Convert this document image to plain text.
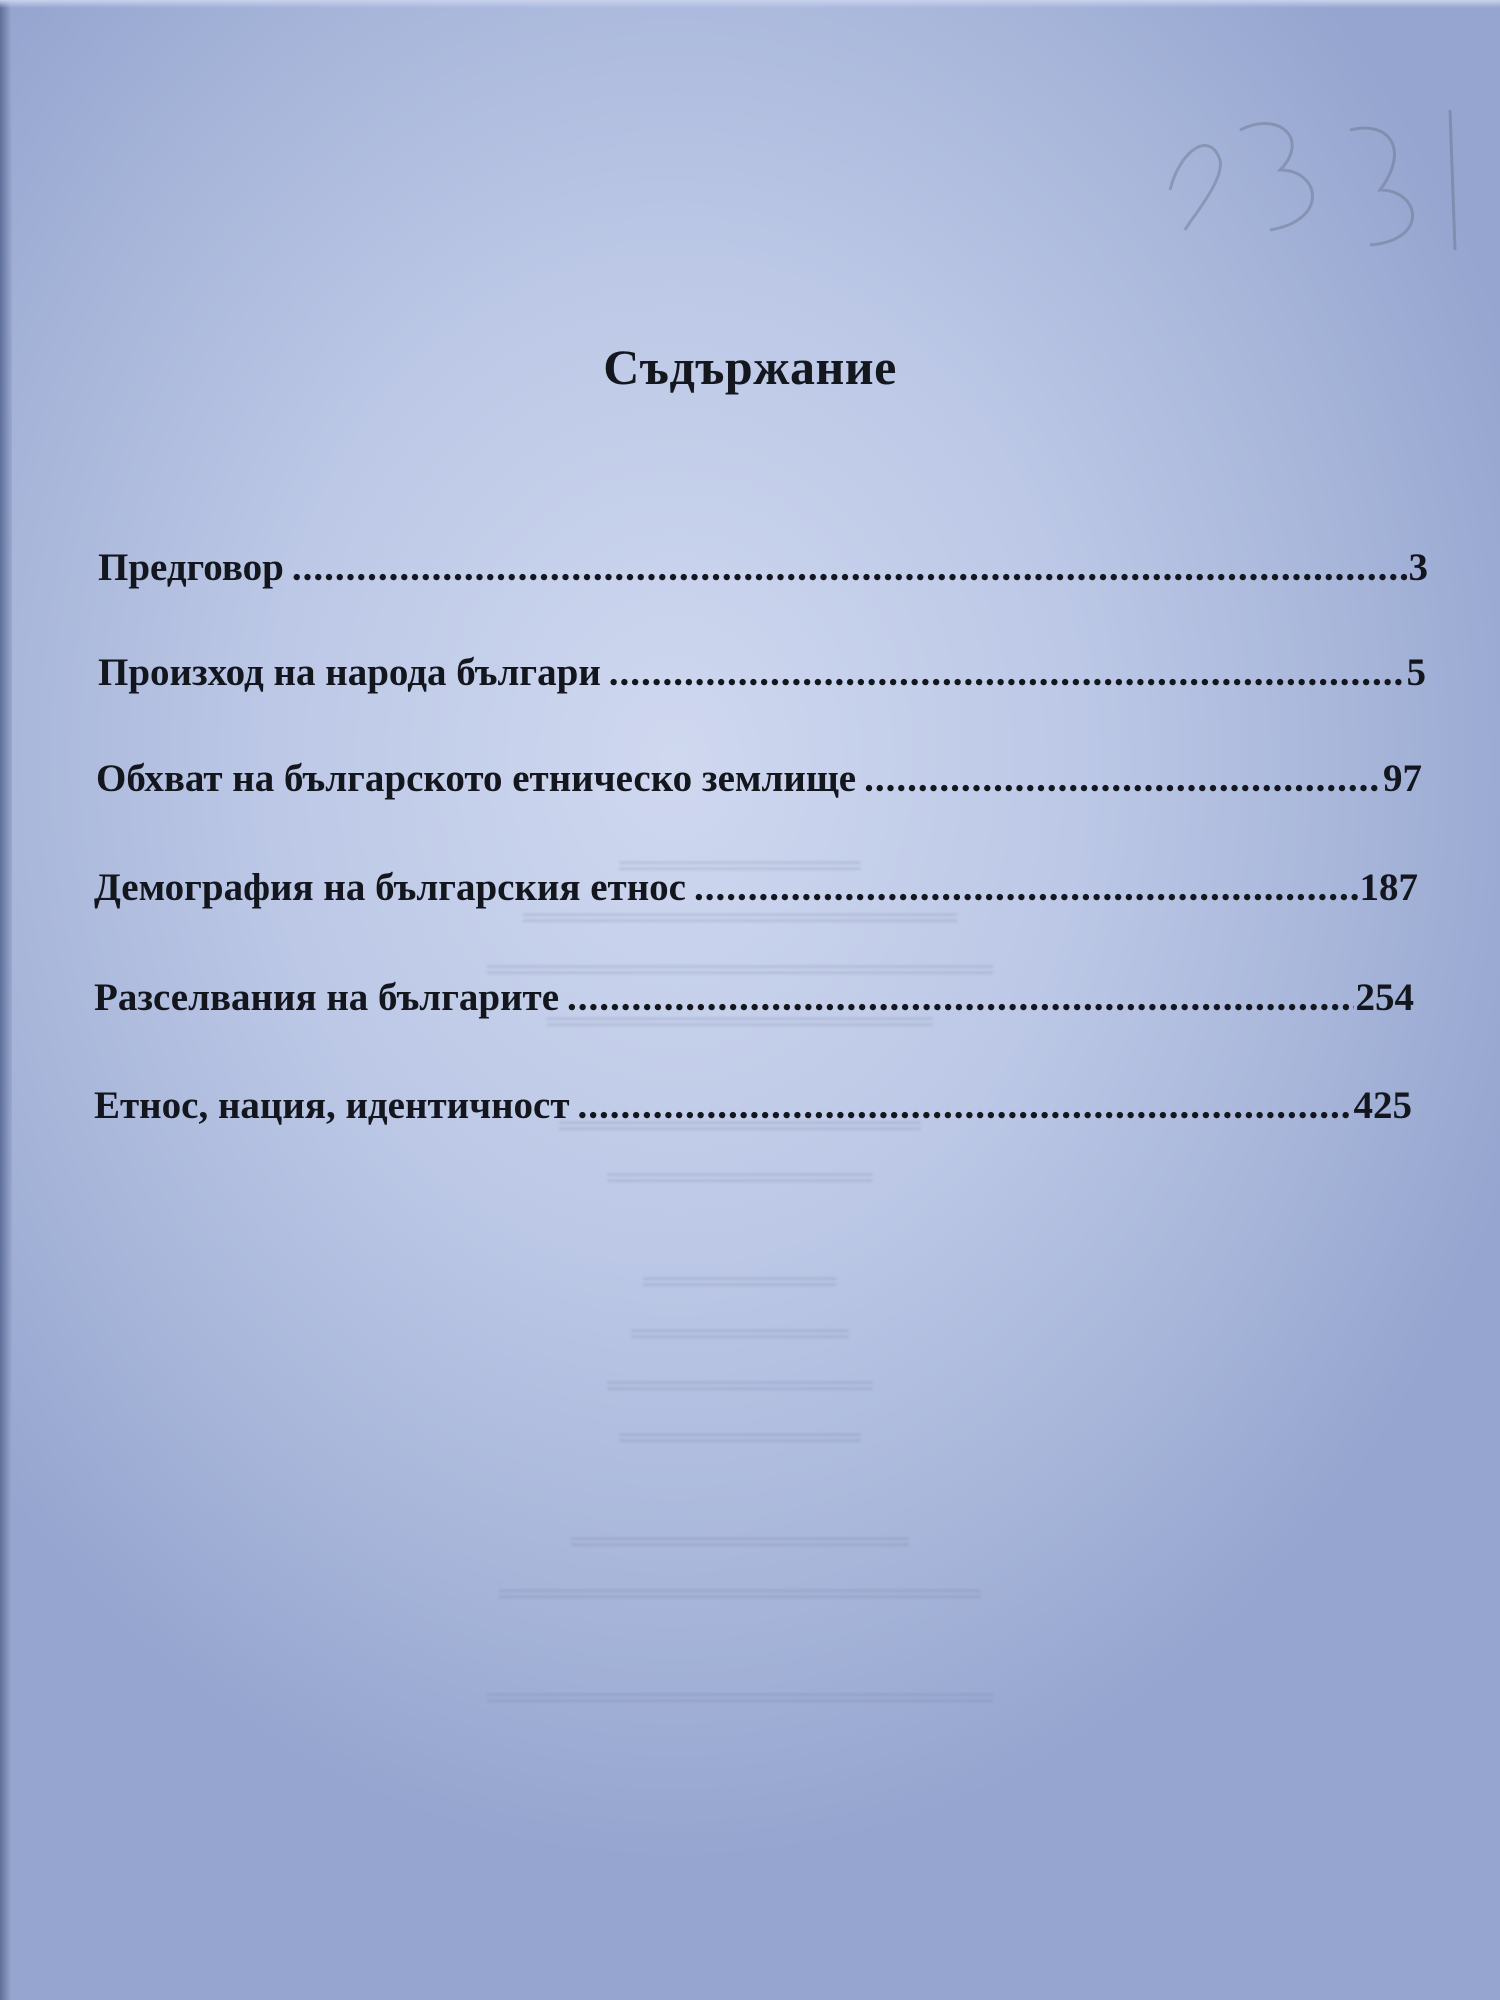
══════════
══════════════════
═════════════════════
════════════════
═══════════════
═══════════
════════
═════════
═══════════
══════════
══════════════
════════════════════
═════════════════════
Съдържание
Предговор .....	3
Произход на народа българи .....	5
Обхват на българското етническо землище .....	97
Демография на българския етнос .....	187
Разселвания на българите .....	254
Етнос, нация, идентичност .....	425
